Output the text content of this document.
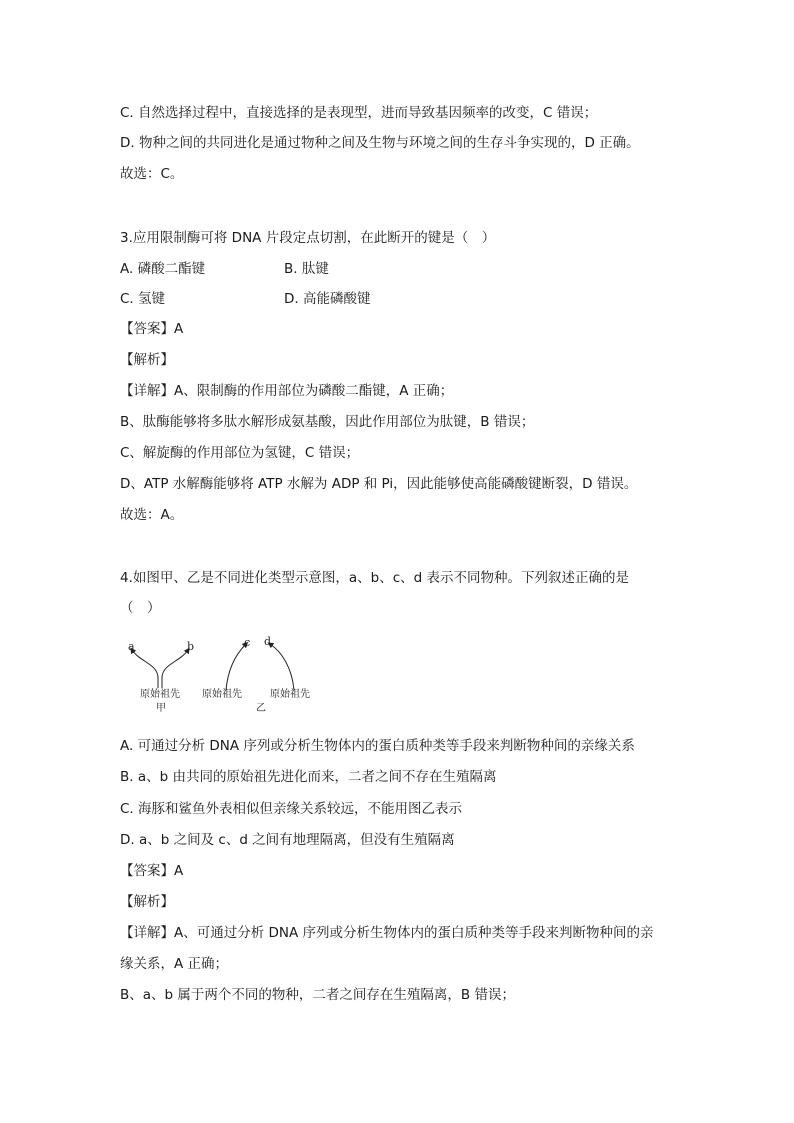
C. 自然选择过程中，直接选择的是表现型，进而导致基因频率的改变，C 错误；
D. 物种之间的共同进化是通过物种之间及生物与环境之间的生存斗争实现的，D 正确。
故选：C。
3.应用限制酶可将 DNA 片段定点切割，在此断开的键是（　）
A. 磷酸二酯键	B. 肽键
C. 氢键	D. 高能磷酸键
【答案】A
【解析】
【详解】A、限制酶的作用部位为磷酸二酯键，A 正确；
B、肽酶能够将多肽水解形成氨基酸，因此作用部位为肽键，B 错误；
C、解旋酶的作用部位为氢键，C 错误；
D、ATP 水解酶能够将 ATP 水解为 ADP 和 Pi，因此能够使高能磷酸键断裂，D 错误。
故选：A。
4.如图甲、乙是不同进化类型示意图，a、b、c、d 表示不同物种。下列叙述正确的是
（　）
a	b
原始祖先
甲
c d
原始祖先	原始祖先
乙
A. 可通过分析 DNA 序列或分析生物体内的蛋白质种类等手段来判断物种间的亲缘关系
B. a、b 由共同的原始祖先进化而来，二者之间不存在生殖隔离
C. 海豚和鲨鱼外表相似但亲缘关系较远，不能用图乙表示
D. a、b 之间及 c、d 之间有地理隔离，但没有生殖隔离
【答案】A
【解析】
【详解】A、可通过分析 DNA 序列或分析生物体内的蛋白质种类等手段来判断物种间的亲
缘关系，A 正确；
B、a、b 属于两个不同的物种，二者之间存在生殖隔离，B 错误；
